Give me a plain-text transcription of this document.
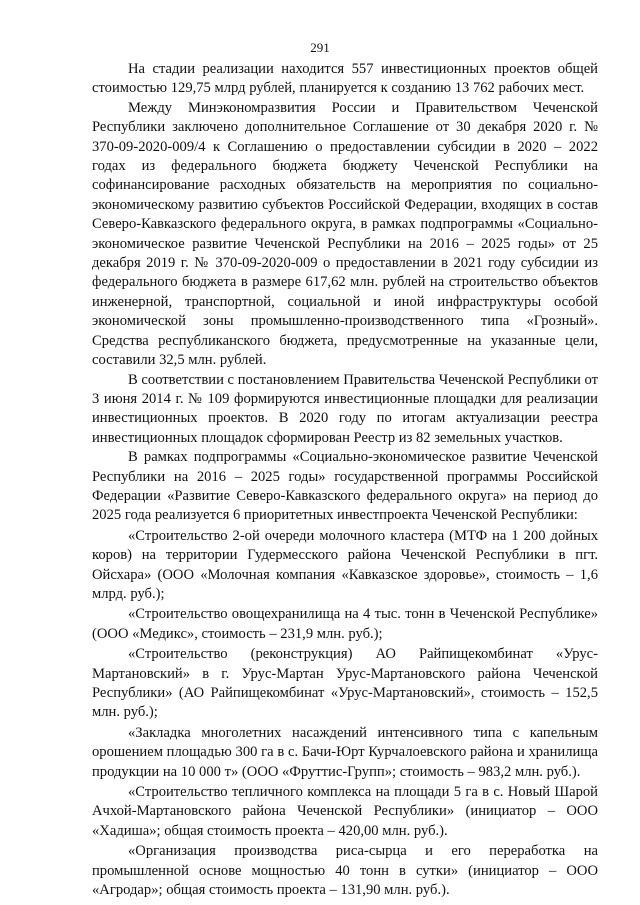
291

На стадии реализации находится 557 инвестиционных проектов общей стоимостью 129,75 млрд рублей, планируется к созданию 13 762 рабочих мест.

Между Минэкономразвития России и Правительством Чеченской Республики заключено дополнительное Соглашение от 30 декабря 2020 г. № 370-09-2020-009/4 к Соглашению о предоставлении субсидии в 2020 – 2022 годах из федерального бюджета бюджету Чеченской Республики на софинансирование расходных обязательств на мероприятия по социально-экономическому развитию субъектов Российской Федерации, входящих в состав Северо-Кавказского федерального округа, в рамках подпрограммы «Социально-экономическое развитие Чеченской Республики на 2016 – 2025 годы» от 25 декабря 2019 г. № 370-09-2020-009 о предоставлении в 2021 году субсидии из федерального бюджета в размере 617,62 млн. рублей на строительство объектов инженерной, транспортной, социальной и иной инфраструктуры особой экономической зоны промышленно-производственного типа «Грозный». Средства республиканского бюджета, предусмотренные на указанные цели, составили 32,5 млн. рублей.

В соответствии с постановлением Правительства Чеченской Республики от 3 июня 2014 г. № 109 формируются инвестиционные площадки для реализации инвестиционных проектов. В 2020 году по итогам актуализации реестра инвестиционных площадок сформирован Реестр из 82 земельных участков.

В рамках подпрограммы «Социально-экономическое развитие Чеченской Республики на 2016 – 2025 годы» государственной программы Российской Федерации «Развитие Северо-Кавказского федерального округа» на период до 2025 года реализуется 6 приоритетных инвестпроекта Чеченской Республики:

«Строительство 2-ой очереди молочного кластера (МТФ на 1 200 дойных коров) на территории Гудермесского района Чеченской Республики в пгт. Ойсхара» (ООО «Молочная компания «Кавказское здоровье», стоимость – 1,6 млрд. руб.);

«Строительство овощехранилища на 4 тыс. тонн в Чеченской Республике» (ООО «Медикс», стоимость – 231,9 млн. руб.);

«Строительство (реконструкция) АО Райпищекомбинат «Урус-Мартановский» в г. Урус-Мартан Урус-Мартановского района Чеченской Республики» (АО Райпищекомбинат «Урус-Мартановский», стоимость – 152,5 млн. руб.);

«Закладка многолетних насаждений интенсивного типа с капельным орошением площадью 300 га в с. Бачи-Юрт Курчалоевского района и хранилища продукции на 10 000 т» (ООО «Фруттис-Групп»; стоимость – 983,2 млн. руб.).

«Строительство тепличного комплекса на площади 5 га в с. Новый Шарой Ачхой-Мартановского района Чеченской Республики» (инициатор – ООО «Хадиша»; общая стоимость проекта – 420,00 млн. руб.).

«Организация производства риса-сырца и его переработка на промышленной основе мощностью 40 тонн в сутки» (инициатор – ООО «Агродар»; общая стоимость проекта – 131,90 млн. руб.).
